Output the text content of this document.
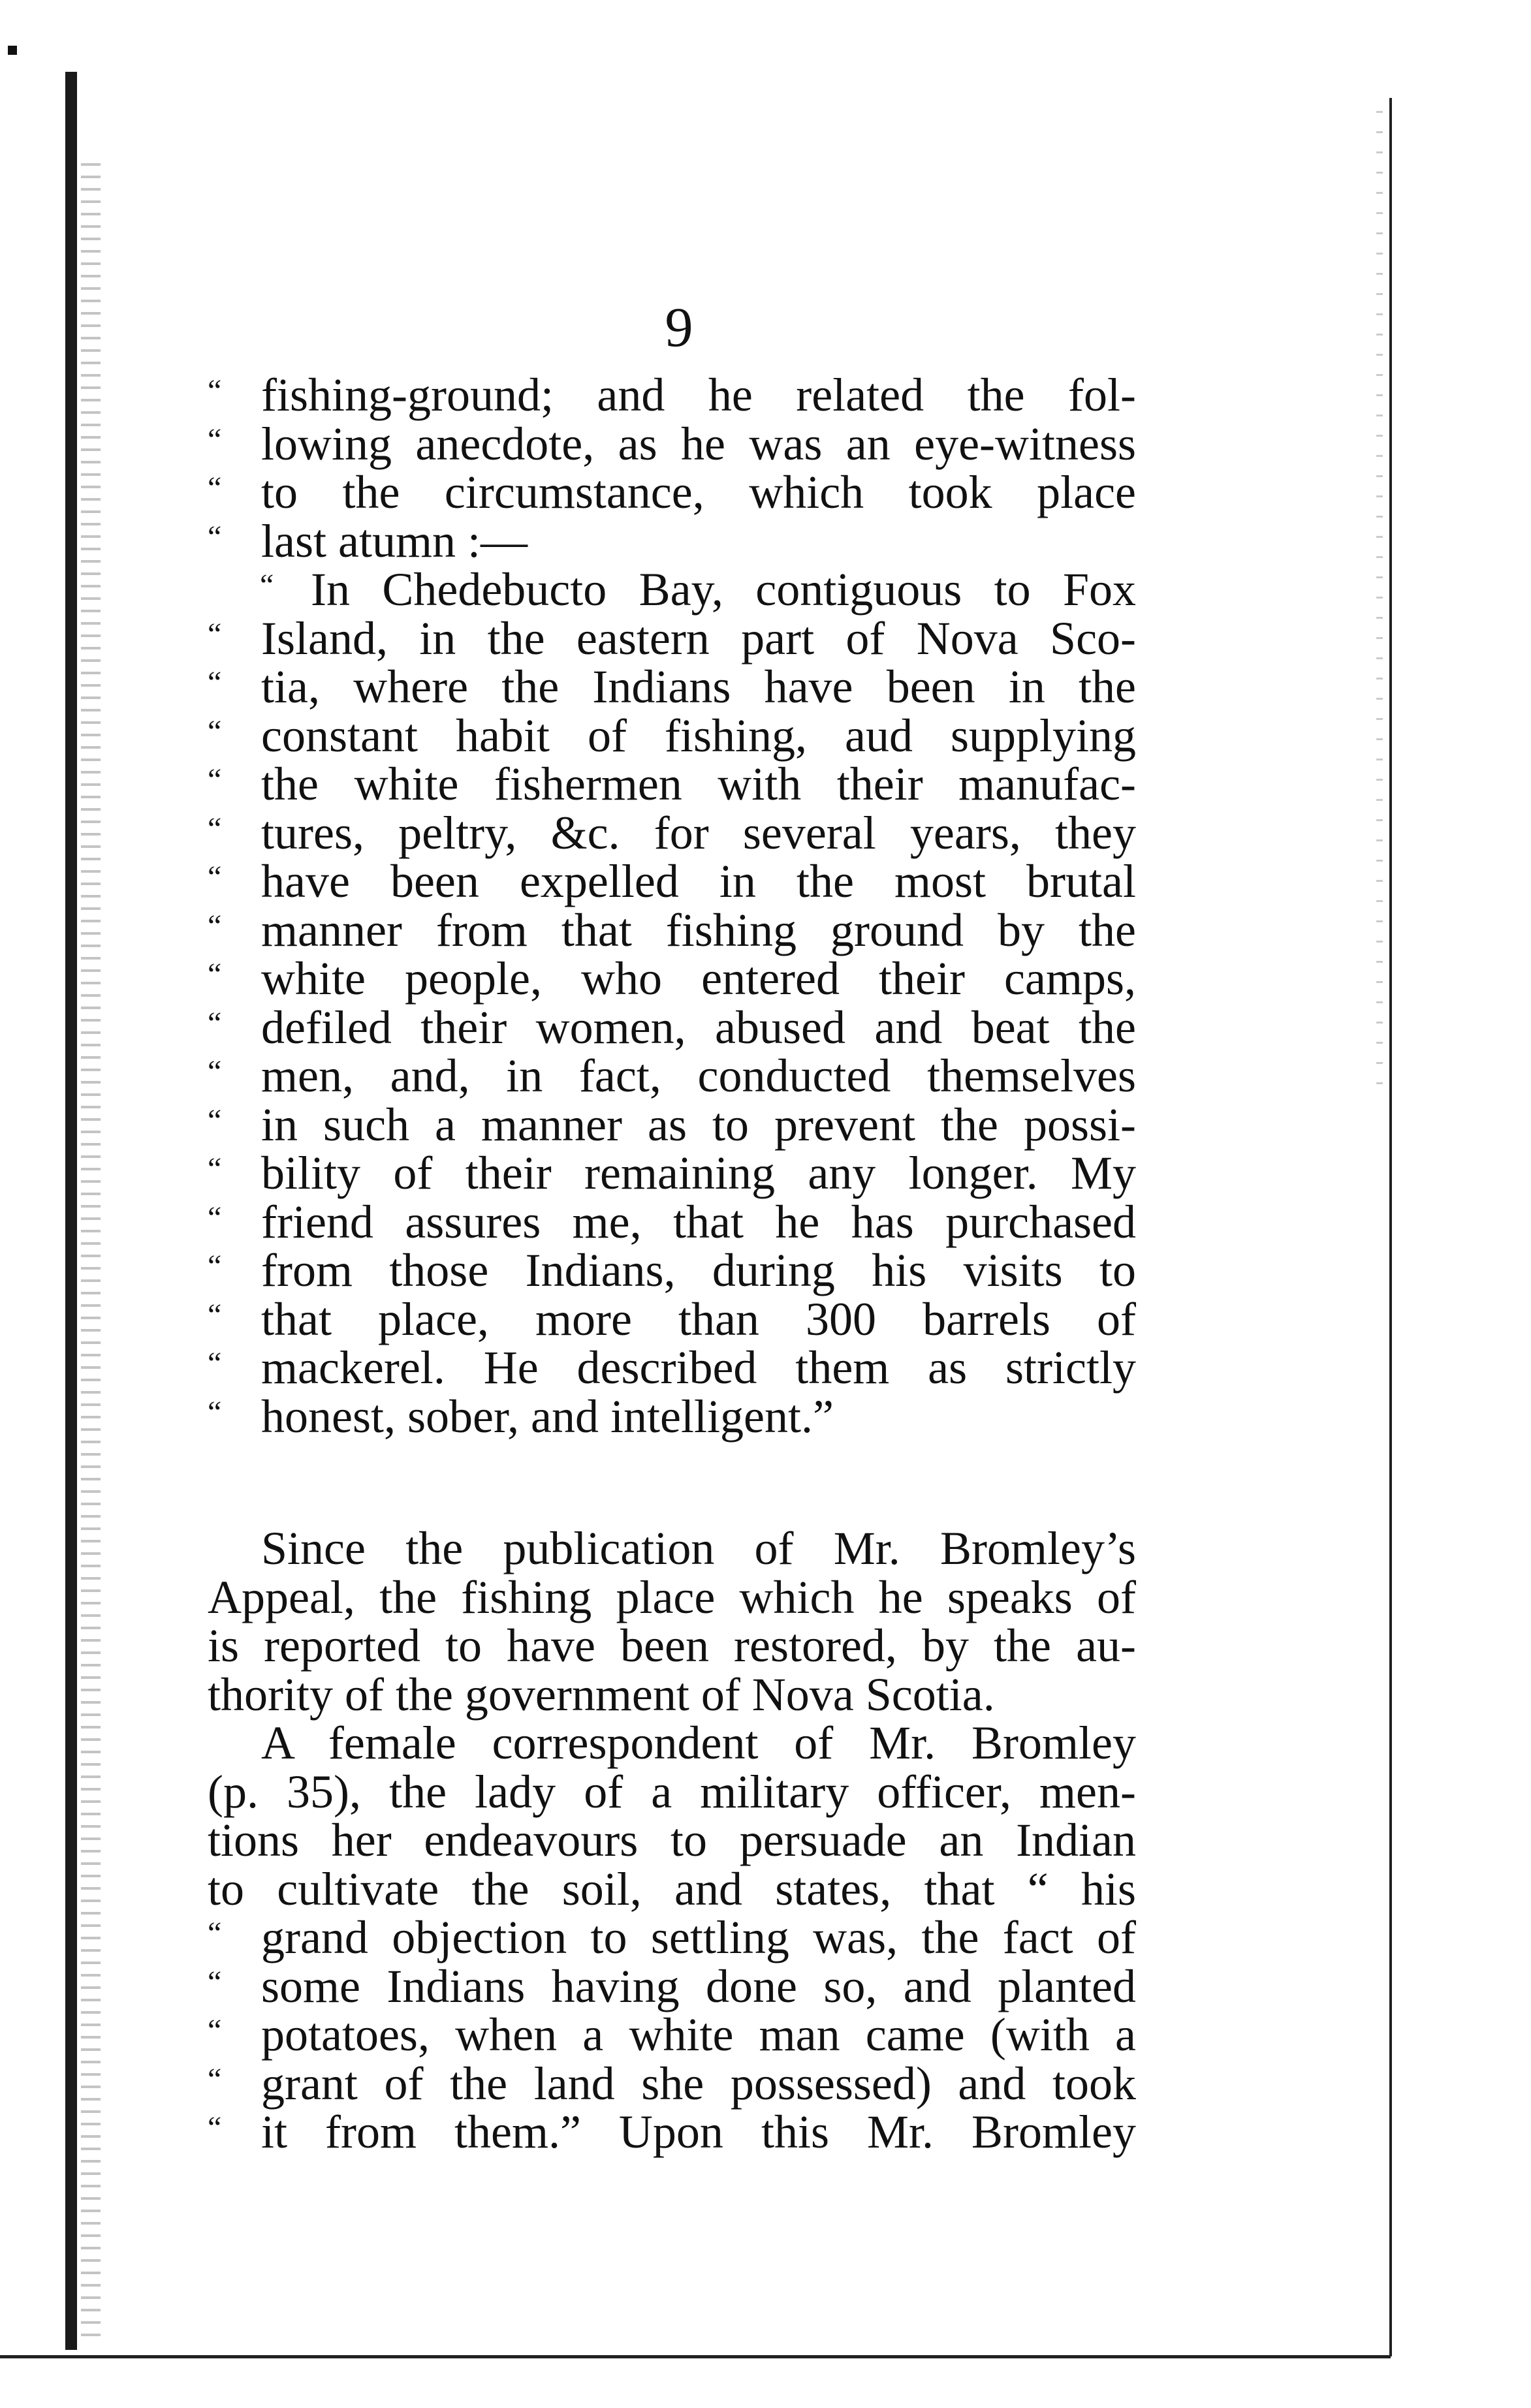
9
“ fishing-ground; and he related the fol-
“ lowing anecdote, as he was an eye-witness
“ to the circumstance, which took place
“ last atumn :—
“ In Chedebucto Bay, contiguous to Fox
“ Island, in the eastern part of Nova Sco-
“ tia, where the Indians have been in the
“ constant habit of fishing, aud supplying
“ the white fishermen with their manufac-
“ tures, peltry, &c. for several years, they
“ have been expelled in the most brutal
“ manner from that fishing ground by the
“ white people, who entered their camps,
“ defiled their women, abused and beat the
“ men, and, in fact, conducted themselves
“ in such a manner as to prevent the possi-
“ bility of their remaining any longer. My
“ friend assures me, that he has purchased
“ from those Indians, during his visits to
“ that place, more than 300 barrels of
“ mackerel. He described them as strictly
“ honest, sober, and intelligent.”
Since the publication of Mr. Bromley’s
Appeal, the fishing place which he speaks of
is reported to have been restored, by the au-
thority of the government of Nova Scotia.
A female correspondent of Mr. Bromley
(p. 35), the lady of a military officer, men-
tions her endeavours to persuade an Indian
to cultivate the soil, and states, that “ his
“ grand objection to settling was, the fact of
“ some Indians having done so, and planted
“ potatoes, when a white man came (with a
“ grant of the land she possessed) and took
“ it from them.” Upon this Mr. Bromley
